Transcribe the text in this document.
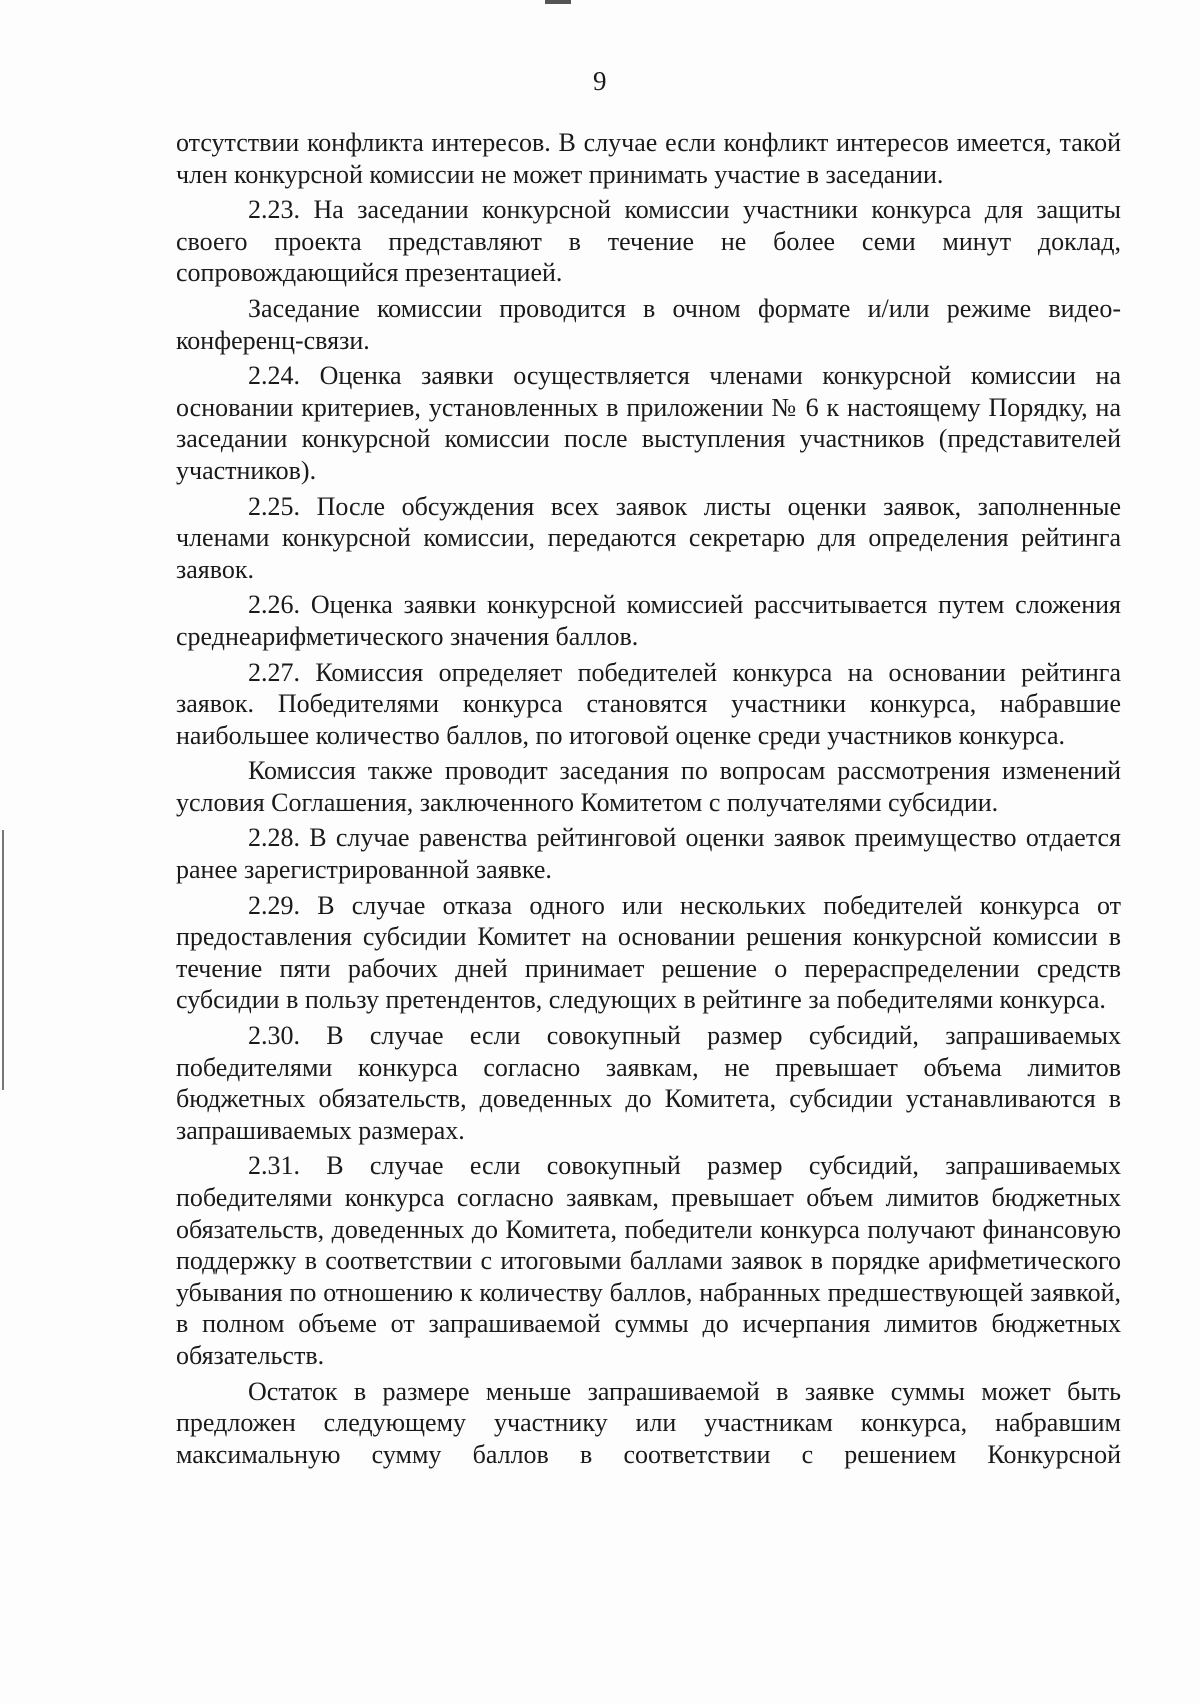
9

отсутствии конфликта интересов. В случае если конфликт интересов имеется, такой член конкурсной комиссии не может принимать участие в заседании.

2.23. На заседании конкурсной комиссии участники конкурса для защиты своего проекта представляют в течение не более семи минут доклад, сопровождающийся презентацией.

Заседание комиссии проводится в очном формате и/или режиме видео-конференц-связи.

2.24. Оценка заявки осуществляется членами конкурсной комиссии на основании критериев, установленных в приложении № 6 к настоящему Порядку, на заседании конкурсной комиссии после выступления участников (представителей участников).

2.25. После обсуждения всех заявок листы оценки заявок, заполненные членами конкурсной комиссии, передаются секретарю для определения рейтинга заявок.

2.26. Оценка заявки конкурсной комиссией рассчитывается путем сложения среднеарифметического значения баллов.

2.27. Комиссия определяет победителей конкурса на основании рейтинга заявок. Победителями конкурса становятся участники конкурса, набравшие наибольшее количество баллов, по итоговой оценке среди участников конкурса.

Комиссия также проводит заседания по вопросам рассмотрения изменений условия Соглашения, заключенного Комитетом с получателями субсидии.

2.28. В случае равенства рейтинговой оценки заявок преимущество отдается ранее зарегистрированной заявке.

2.29. В случае отказа одного или нескольких победителей конкурса от предоставления субсидии Комитет на основании решения конкурсной комиссии в течение пяти рабочих дней принимает решение о перераспределении средств субсидии в пользу претендентов, следующих в рейтинге за победителями конкурса.

2.30. В случае если совокупный размер субсидий, запрашиваемых победителями конкурса согласно заявкам, не превышает объема лимитов бюджетных обязательств, доведенных до Комитета, субсидии устанавливаются в запрашиваемых размерах.

2.31. В случае если совокупный размер субсидий, запрашиваемых победителями конкурса согласно заявкам, превышает объем лимитов бюджетных обязательств, доведенных до Комитета, победители конкурса получают финансовую поддержку в соответствии с итоговыми баллами заявок в порядке арифметического убывания по отношению к количеству баллов, набранных предшествующей заявкой, в полном объеме от запрашиваемой суммы до исчерпания лимитов бюджетных обязательств.

Остаток в размере меньше запрашиваемой в заявке суммы может быть предложен следующему участнику или участникам конкурса, набравшим максимальную сумму баллов в соответствии с решением Конкурсной
